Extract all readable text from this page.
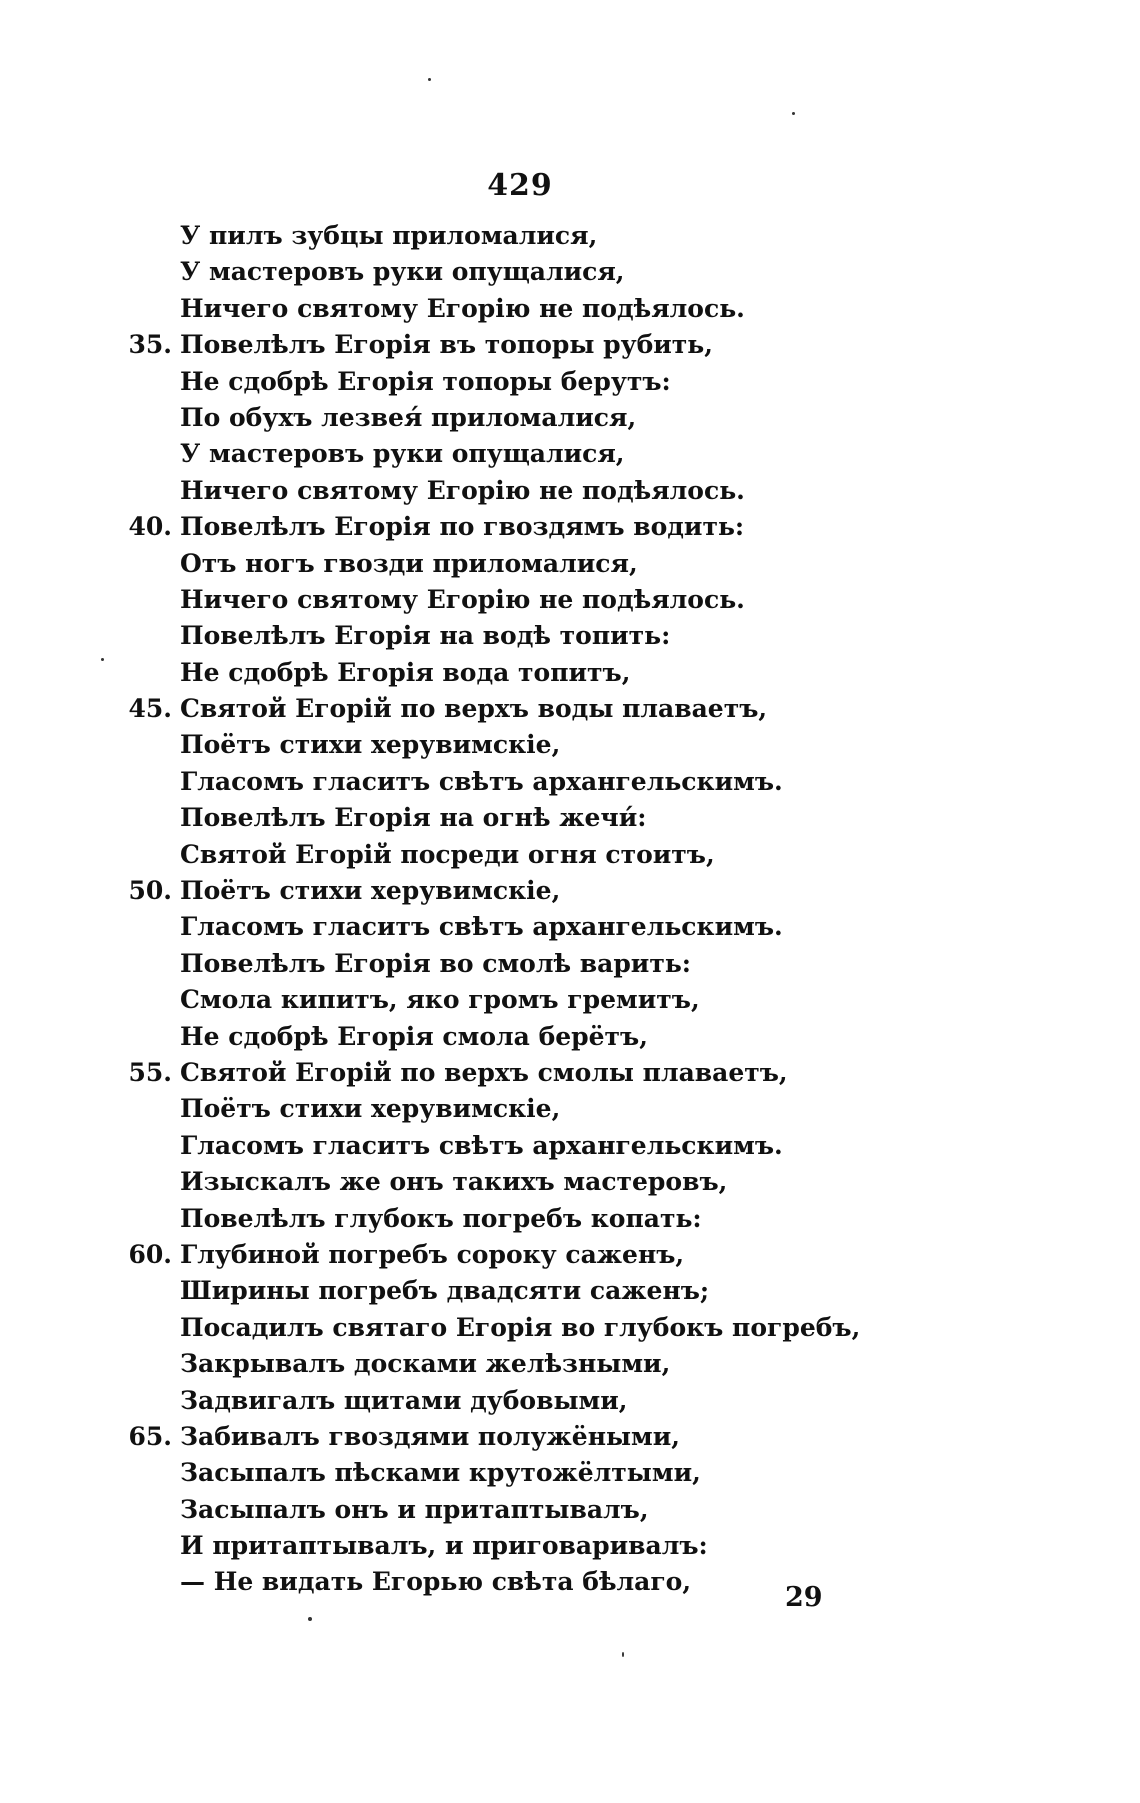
429
У пилъ зубцы приломалися,
У мастеровъ руки опущалися,
Ничего святому Егорію не подѣялось.
35. Повелѣлъ Егорія въ топоры рубить,
Не сдобрѣ Егорія топоры берутъ:
По обухъ лезвея́ приломалися,
У мастеровъ руки опущалися,
Ничего святому Егорію не подѣялось.
40. Повелѣлъ Егорія по гвоздямъ водить:
Отъ ногъ гвозди приломалися,
Ничего святому Егорію не подѣялось.
Повелѣлъ Егорія на водѣ топить:
Не сдобрѣ Егорія вода топитъ,
45. Святой Егорій по верхъ воды плаваетъ,
Поётъ стихи херувимскіе,
Гласомъ гласитъ свѣтъ архангельскимъ.
Повелѣлъ Егорія на огнѣ жечи́:
Святой Егорій посреди огня стоитъ,
50. Поётъ стихи херувимскіе,
Гласомъ гласитъ свѣтъ архангельскимъ.
Повелѣлъ Егорія во смолѣ варить:
Смола кипитъ, яко громъ гремитъ,
Не сдобрѣ Егорія смола берётъ,
55. Святой Егорій по верхъ смолы плаваетъ,
Поётъ стихи херувимскіе,
Гласомъ гласитъ свѣтъ архангельскимъ.
Изыскалъ же онъ такихъ мастеровъ,
Повелѣлъ глубокъ погребъ копать:
60. Глубиной погребъ сороку саженъ,
Ширины погребъ двадсяти саженъ;
Посадилъ святаго Егорія во глубокъ погребъ,
Закрывалъ досками желѣзными,
Задвигалъ щитами дубовыми,
65. Забивалъ гвоздями полужёными,
Засыпалъ пѣсками крутожёлтыми,
Засыпалъ онъ и притаптывалъ,
И притаптывалъ, и приговаривалъ:
— Не видать Егорью свѣта бѣлаго,
29
